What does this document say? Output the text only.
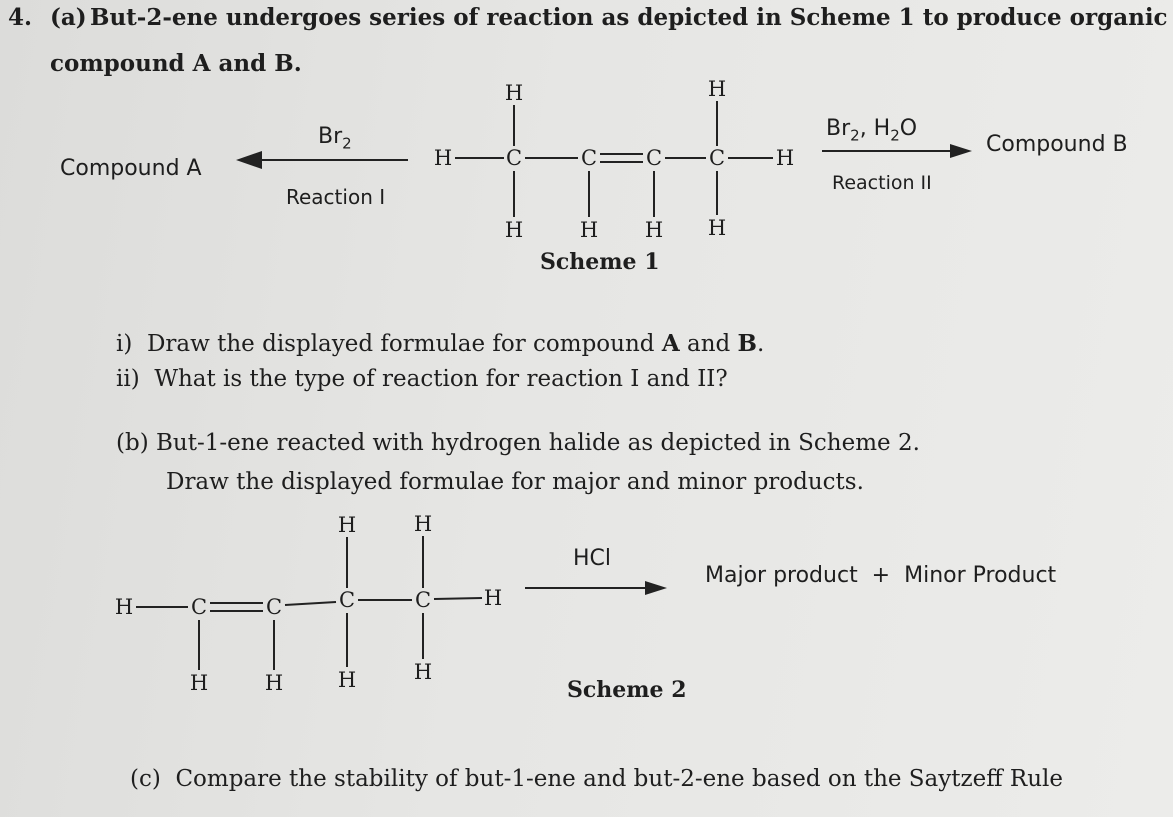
4. (a) But-2-ene undergoes series of reaction as depicted in Scheme 1 to produce organic
compound A and B.
Compound A
$Br_2$
Reaction I
$Br_2$, $H_2O$
Reaction II
Compound B
H	C	C C C H
H	H
H	H H H
Scheme 1
i) Draw the displayed formulae for compound A and B.
ii) What is the type of reaction for reaction I and II?
(b) But-1-ene reacted with hydrogen halide as depicted in Scheme 2.
Draw the displayed formulae for major and minor products.
H	C	C	C	C	H
H	H
H	H	H	H
HCl
Major product  +  Minor Product
Scheme 2
(c) Compare the stability of but-1-ene and but-2-ene based on the Saytzeff Rule
